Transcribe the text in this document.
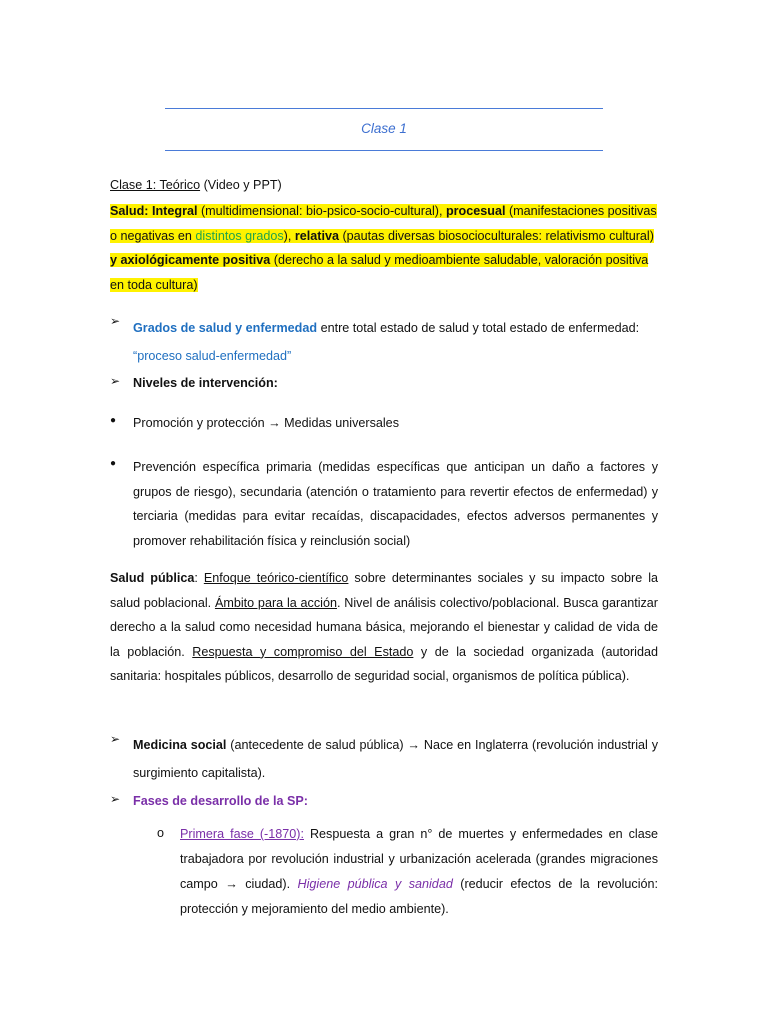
Clase 1
Clase 1: Teórico (Video y PPT)
Salud: Integral (multidimensional: bio-psico-socio-cultural), procesual (manifestaciones positivas o negativas en distintos grados), relativa (pautas diversas biosocioculturales: relativismo cultural) y axiológicamente positiva (derecho a la salud y medioambiente saludable, valoración positiva en toda cultura)
➢ Grados de salud y enfermedad entre total estado de salud y total estado de enfermedad:
“proceso salud-enfermedad”
➢ Niveles de intervención:
● Promoción y protección → Medidas universales
● Prevención específica primaria (medidas específicas que anticipan un daño a factores y grupos de riesgo), secundaria (atención o tratamiento para revertir efectos de enfermedad) y terciaria (medidas para evitar recaídas, discapacidades, efectos adversos permanentes y promover rehabilitación física y reinclusión social)
Salud pública: Enfoque teórico-científico sobre determinantes sociales y su impacto sobre la salud poblacional. Ámbito para la acción. Nivel de análisis colectivo/poblacional. Busca garantizar derecho a la salud como necesidad humana básica, mejorando el bienestar y calidad de vida de la población. Respuesta y compromiso del Estado y de la sociedad organizada (autoridad sanitaria: hospitales públicos, desarrollo de seguridad social, organismos de política pública).
➢ Medicina social (antecedente de salud pública) → Nace en Inglaterra (revolución industrial y surgimiento capitalista).
➢ Fases de desarrollo de la SP:
o Primera fase (-1870): Respuesta a gran n° de muertes y enfermedades en clase trabajadora por revolución industrial y urbanización acelerada (grandes migraciones campo → ciudad). Higiene pública y sanidad (reducir efectos de la revolución: protección y mejoramiento del medio ambiente).
